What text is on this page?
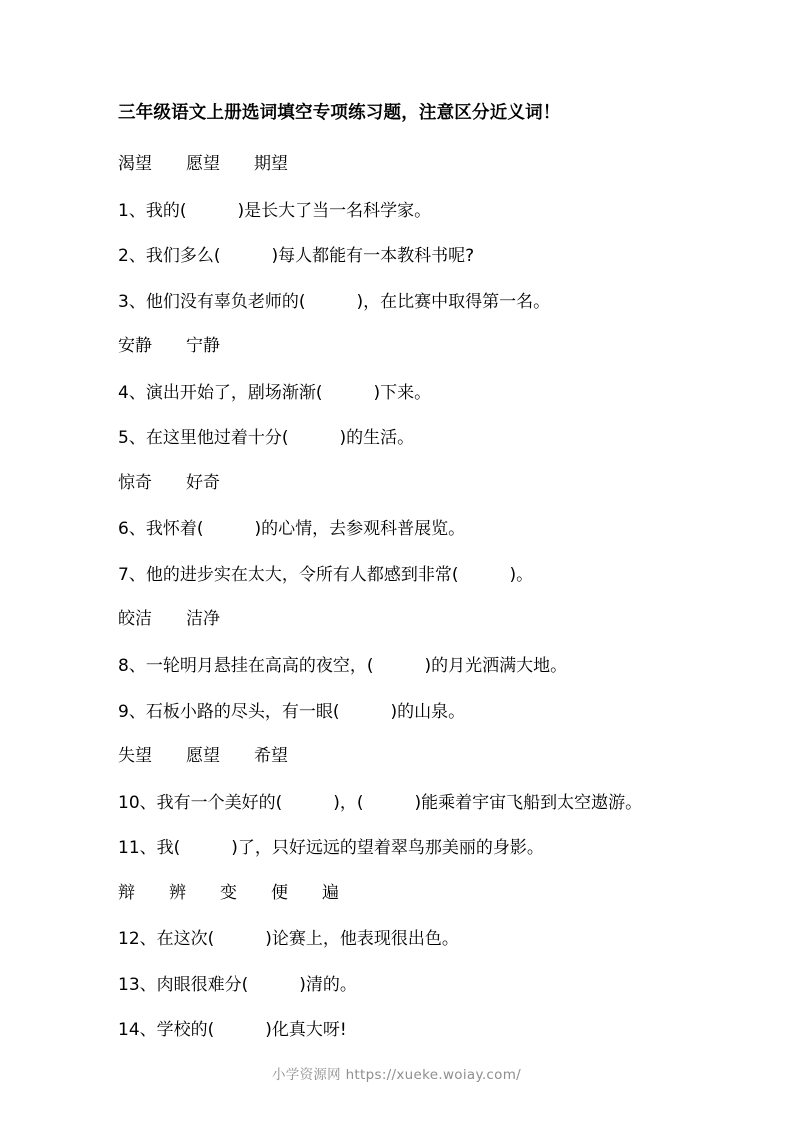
三年级语文上册选词填空专项练习题，注意区分近义词！
渴望　　愿望　　期望
1、我的(　　　)是长大了当一名科学家。
2、我们多么(　　　)每人都能有一本教科书呢?
3、他们没有辜负老师的(　　　)，在比赛中取得第一名。
安静　　宁静
4、演出开始了，剧场渐渐(　　　)下来。
5、在这里他过着十分(　　　)的生活。
惊奇　　好奇
6、我怀着(　　　)的心情，去参观科普展览。
7、他的进步实在太大，令所有人都感到非常(　　　)。
皎洁　　洁净
8、一轮明月悬挂在高高的夜空，(　　　)的月光洒满大地。
9、石板小路的尽头，有一眼(　　　)的山泉。
失望　　愿望　　希望
10、我有一个美好的(　　　)，(　　　)能乘着宇宙飞船到太空遨游。
11、我(　　　)了，只好远远的望着翠鸟那美丽的身影。
辩　　辨　　变　　便　　遍
12、在这次(　　　)论赛上，他表现很出色。
13、肉眼很难分(　　　)清的。
14、学校的(　　　)化真大呀!
小学资源网 https://xueke.woiay.com/
